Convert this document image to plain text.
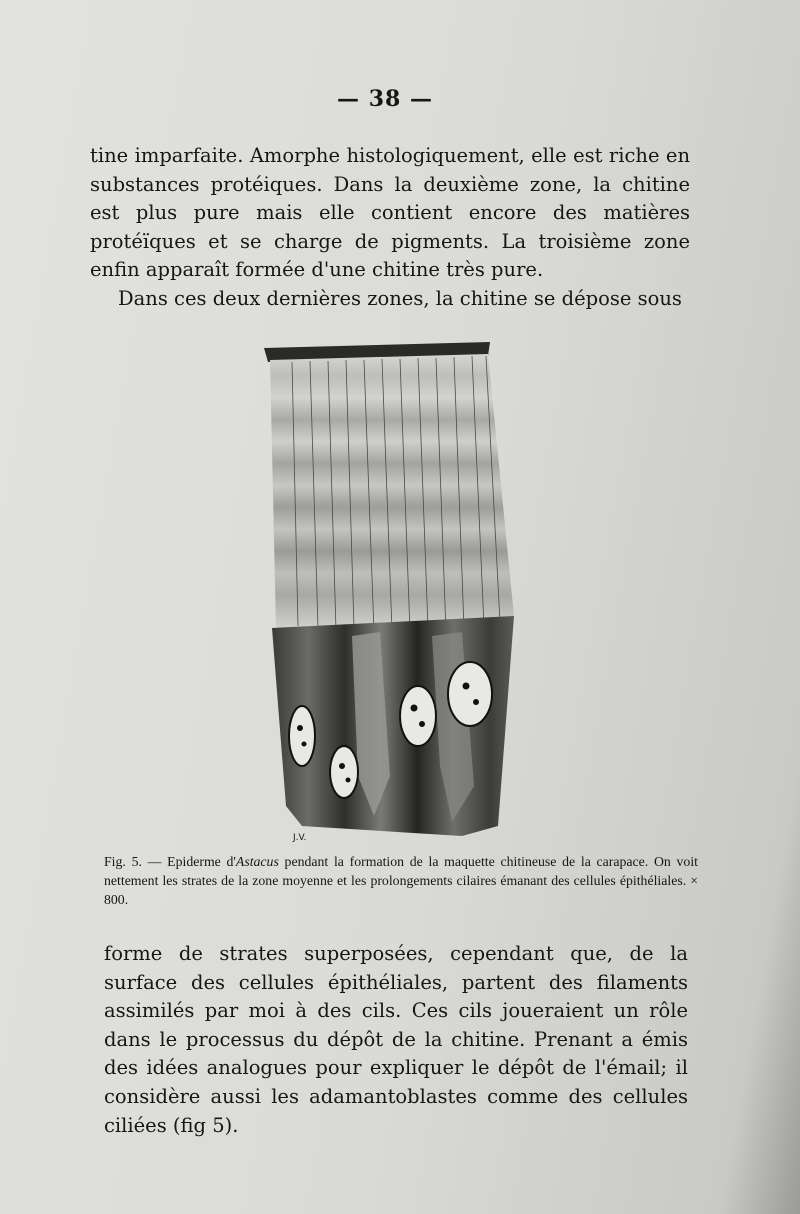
— 38 —

tine imparfaite. Amorphe histologiquement, elle est riche en substances protéiques. Dans la deuxième zone, la chitine est plus pure mais elle contient encore des matières protéïques et se charge de pigments. La troisième zone enfin apparaît formée d'une chitine très pure.

Dans ces deux dernières zones, la chitine se dépose sous

J.V.
Fig. 5. — Epiderme d'Astacus pendant la formation de la maquette chitineuse de la carapace. On voit nettement les strates de la zone moyenne et les prolongements cilaires émanant des cellules épithéliales. × 800.

forme de strates superposées, cependant que, de la surface des cellules épithéliales, partent des filaments assimilés par moi à des cils. Ces cils joueraient un rôle dans le processus du dépôt de la chitine. Prenant a émis des idées analogues pour expliquer le dépôt de l'émail; il considère aussi les adamantoblastes comme des cellules ciliées (fig 5).
